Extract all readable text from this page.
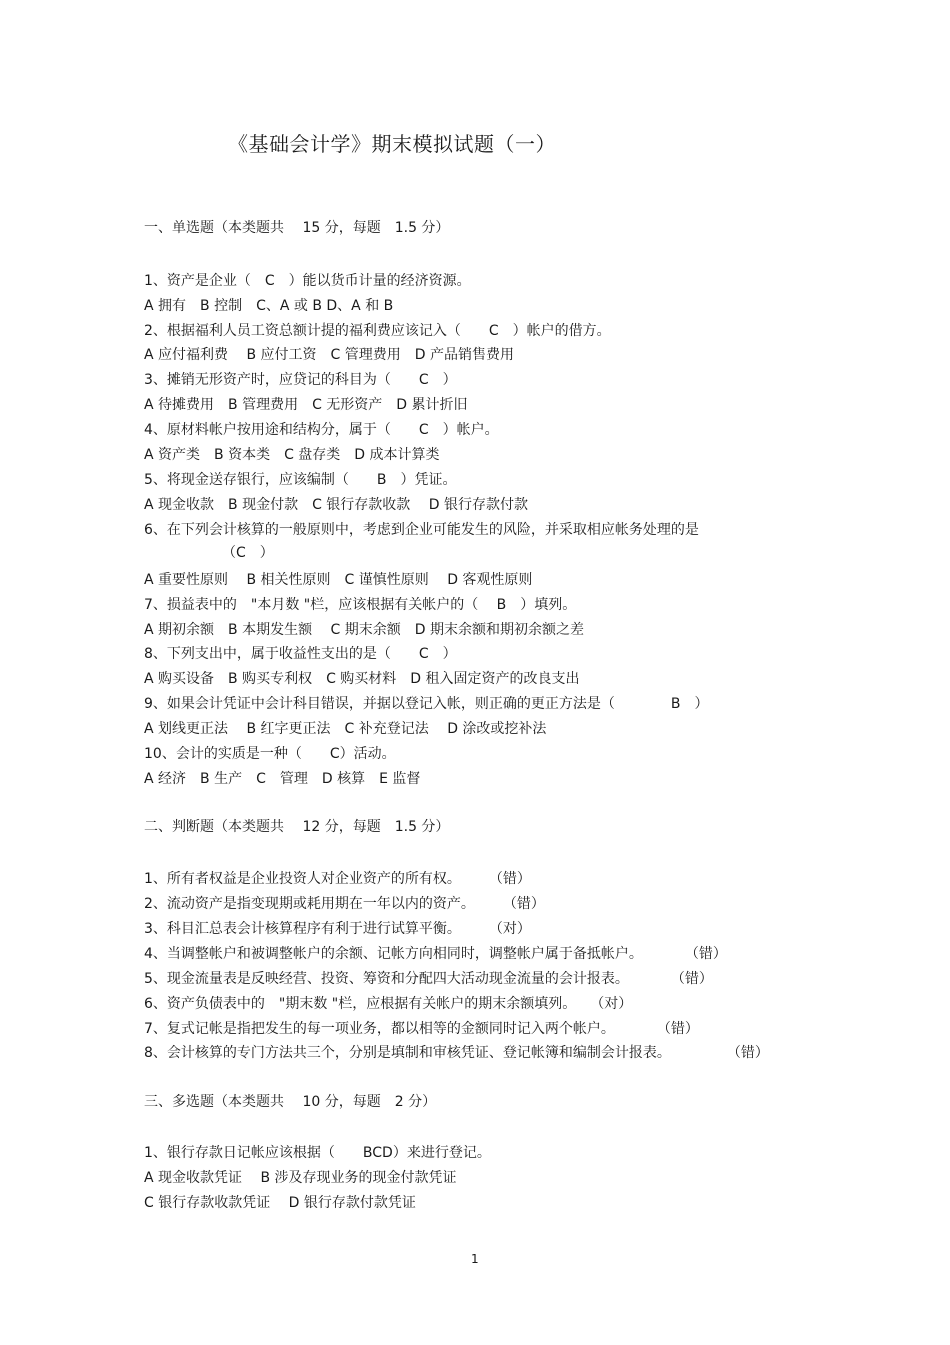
《基础会计学》期末模拟试题（一）
一、单选题（本类题共　 15 分，每题　1.5 分）
1、资产是企业（　C　）能以货币计量的经济资源。
A 拥有　B 控制　C、A 或 B D、A 和 B
2、根据福利人员工资总额计提的福利费应该记入（　　C　）帐户的借方。
A 应付福利费　 B 应付工资　C 管理费用　D 产品销售费用
3、摊销无形资产时，应贷记的科目为（　　C　）
A 待摊费用　B 管理费用　C 无形资产　D 累计折旧
4、原材料帐户按用途和结构分，属于（　　C　）帐户。
A 资产类　B 资本类　C 盘存类　D 成本计算类
5、将现金送存银行，应该编制（　　B　）凭证。
A 现金收款　B 现金付款　C 银行存款收款　 D 银行存款付款
6、在下列会计核算的一般原则中，考虑到企业可能发生的风险，并采取相应帐务处理的是
（C　）
A 重要性原则　 B 相关性原则　C 谨慎性原则　 D 客观性原则
7、损益表中的　"本月数 "栏，应该根据有关帐户的（　 B　）填列。
A 期初余额　B 本期发生额　 C 期末余额　D 期末余额和期初余额之差
8、下列支出中，属于收益性支出的是（　　C　）
A 购买设备　B 购买专利权　C 购买材料　D 租入固定资产的改良支出
9、如果会计凭证中会计科目错误，并据以登记入帐，则正确的更正方法是（　　　　B　）
A 划线更正法　 B 红字更正法　C 补充登记法　 D 涂改或挖补法
10、会计的实质是一种（　　C）活动。
A 经济　B 生产　C　管理　D 核算　E 监督
二、判断题（本类题共　 12 分，每题　1.5 分）
1、所有者权益是企业投资人对企业资产的所有权。　　　（错）
2、流动资产是指变现期或耗用期在一年以内的资产。　　　（错）
3、科目汇总表会计核算程序有利于进行试算平衡。　　　（对）
4、当调整帐户和被调整帐户的余额、记帐方向相同时，调整帐户属于备抵帐户。　　　　（错）
5、现金流量表是反映经营、投资、筹资和分配四大活动现金流量的会计报表。　　　　（错）
6、资产负债表中的　"期末数 "栏，应根据有关帐户的期末余额填列。　　（对）
7、复式记帐是指把发生的每一项业务，都以相等的金额同时记入两个帐户。　　　　（错）
8、会计核算的专门方法共三个，分别是填制和审核凭证、登记帐簿和编制会计报表。　　　　　（错）
三、多选题（本类题共　 10 分，每题　2 分）
1、银行存款日记帐应该根据（　　BCD）来进行登记。
A 现金收款凭证　 B 涉及存现业务的现金付款凭证
C 银行存款收款凭证　 D 银行存款付款凭证
1
